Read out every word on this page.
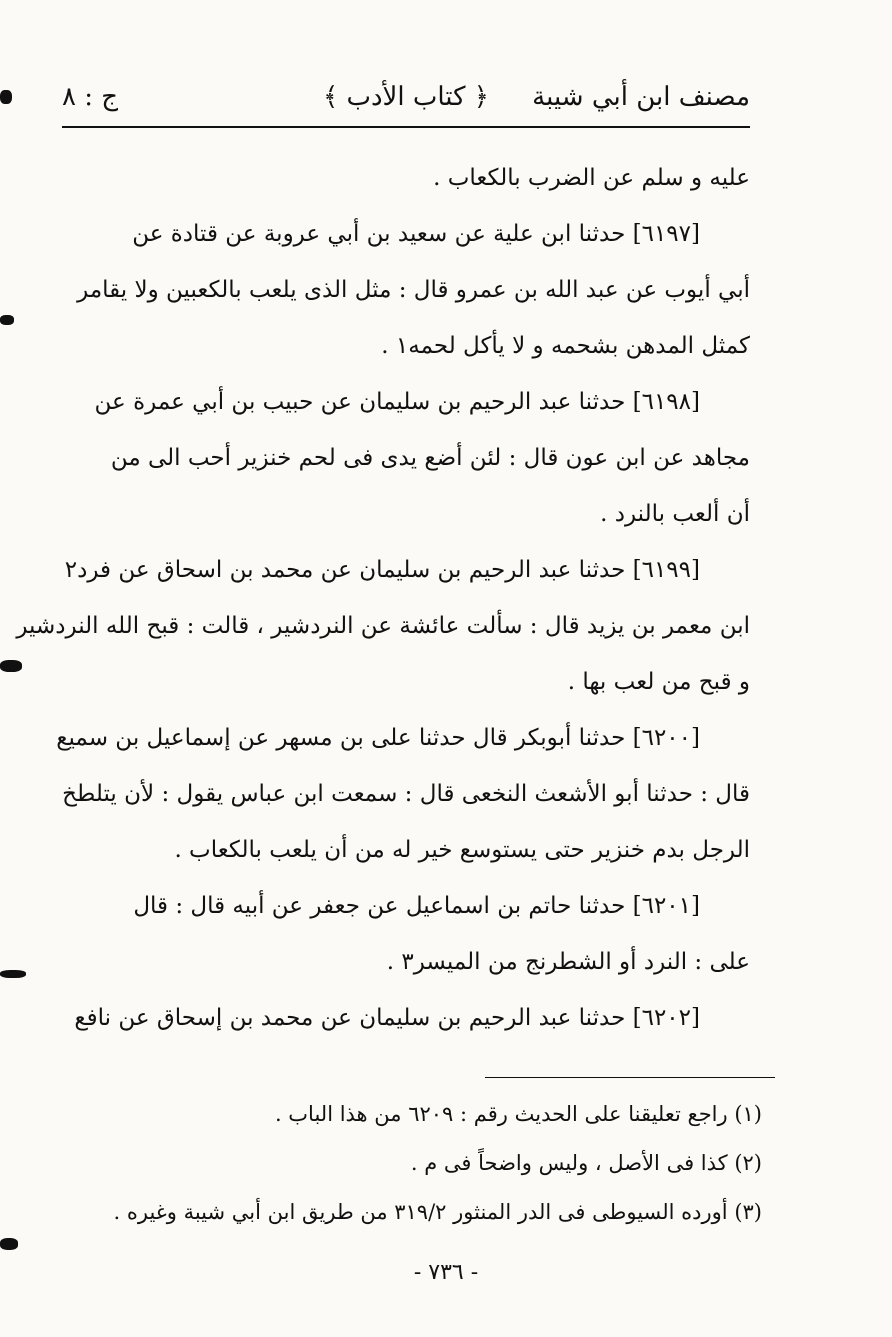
مصنف ابن أبي شيبة
﴿ كتاب الأدب ﴾
ج : ٨
عليه و سلم عن الضرب بالكعاب .
[٦١٩٧] حدثنا ابن علية عن سعيد بن أبي عروبة عن قتادة عن
أبي أيوب عن عبد الله بن عمرو قال : مثل الذى يلعب بالكعبين ولا يقامر
كمثل المدهن بشحمه و لا يأكل لحمه١ .
[٦١٩٨] حدثنا عبد الرحيم بن سليمان عن حبيب بن أبي عمرة عن
مجاهد عن ابن عون قال : لئن أضع يدى فى لحم خنزير أحب الى من
أن ألعب بالنرد .
[٦١٩٩] حدثنا عبد الرحيم بن سليمان عن محمد بن اسحاق عن فرد٢
ابن معمر بن يزيد قال : سألت عائشة عن النردشير ، قالت : قبح الله النردشير
و قبح من لعب بها .
[٦٢٠٠] حدثنا أبوبكر قال حدثنا على بن مسهر عن إسماعيل بن سميع
قال : حدثنا أبو الأشعث النخعى قال : سمعت ابن عباس يقول : لأن يتلطخ
الرجل بدم خنزير حتى يستوسع خير له من أن يلعب بالكعاب .
[٦٢٠١] حدثنا حاتم بن اسماعيل عن جعفر عن أبيه قال : قال
على : النرد أو الشطرنج من الميسر٣ .
[٦٢٠٢] حدثنا عبد الرحيم بن سليمان عن محمد بن إسحاق عن نافع
(١) راجع تعليقنا على الحديث رقم : ٦٢٠٩ من هذا الباب .
(٢) كذا فى الأصل ، وليس واضحاً فى م .
(٣) أورده السيوطى فى الدر المنثور ٣١٩/٢ من طريق ابن أبي شيبة وغيره .
- ٧٣٦ -
